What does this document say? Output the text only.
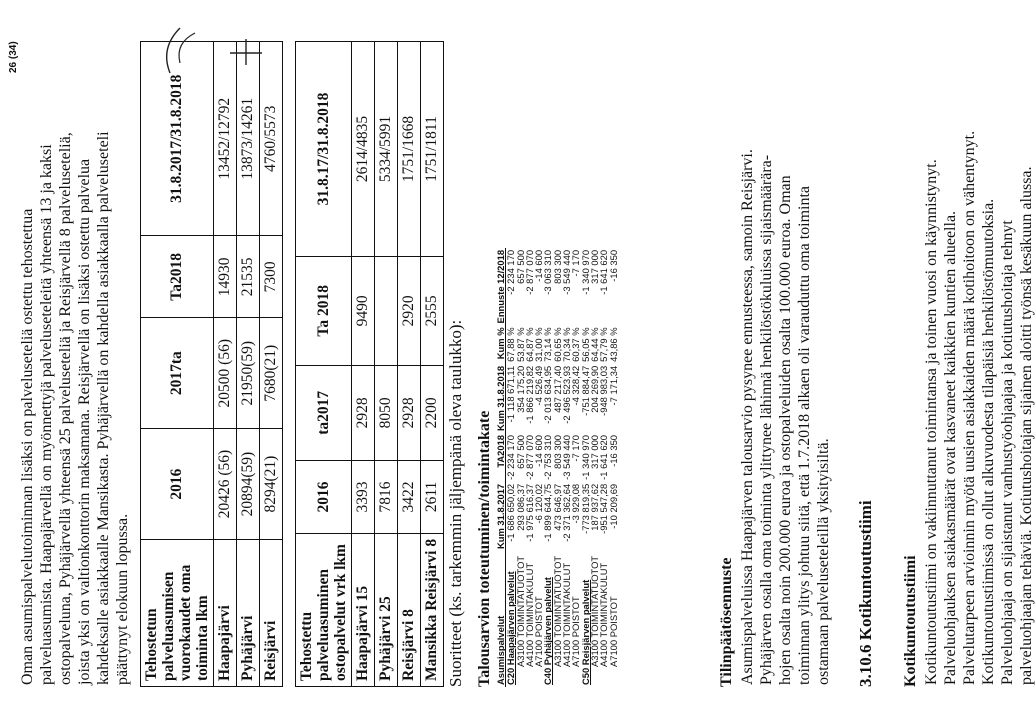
26 (34)

Oman asumispalvelutoiminnan lisäksi on palveluseteliä ostettu tehostettua palveluasumista. Haapajärvellä on myönnettyjä palveluseteleitä yhteensä 13 ja kaksi ostopalveluna, Pyhäjärvellä yhteensä 25 palveluseteliä ja Reisjärvellä 8 palveluseteliä, joista yksi on valtionkonttorin maksamana. Reisjärvellä on lisäksi ostettu palvelua kahdeksalle asiakkaalle Mansikasta. Pyhäjärvellä on kahdella asiakkaalla palveluseteli päättynyt elokuun lopussa. Tehostetun
palveluasumisen
vuorokaudet oma
toiminta lkm	2016	2017ta	Ta2018	31.8.2017/31.8.2018
Haapajärvi	20426 (56)	20500 (56)	14930	13452/12792
Pyhäjärvi	20894(59)	21950(59)	21535	13873/14261
Reisjärvi	8294(21)	7680(21)	7300	4760/5573
Tehostettu
palveluasuminen
ostopalvelut vrk lkm	2016	ta2017	Ta 2018	31.8.17/31.8.2018
Haapajärvi 15	3393	2928	9490	2614/4835
Pyhäjärvi 25	7816	8050		5334/5991
Reisjärvi 8	3422	2928	2920	1751/1668
Mansikka Reisjärvi 8	2611	2200	2555	1751/1811
Suoritteet (ks. tarkemmin jäljempänä oleva taulukko): Talousarvion toteutuminen/toimintakate Asumispalvelut	Kum 31.8.2017	TA2018	Kum 31.8.2018	Kum %	Ennuste 12/2018
C20 Haapajärven palvelut	-1 686 650,02	-2 234 170	-1 118 671,11	67,88 %	-2 234 170
A3100 TOIMINTATUOTOT	293 086,37	657 500	354 175,20	53,87 %	657 500
A4100 TOIMINTAKULUT	-1 975 616,37	-2 877 070	-1 866 219,82	64,87 %	-2 877 070
A7100 POISTOT	-6 120,02	-14 600	-4 526,49	31,00 %	-14 600
C40 Pyhäjärven palvelut	-1 899 644,75	-2 753 310	-2 013 634,95	73,14 %	-3 063 310
A3100 TOIMINTATUOTOT	473 646,97	803 300	487 217,40	60,65 %	803 300
A4100 TOIMINTAKULUT	-2 371 362,64	-3 549 440	-2 496 523,93	70,34 %	-3 549 440
A7100 POISTOT	-3 929,08	-7 170	-4 328,42	60,37 %	-7 170
C50 Reisjärven palvelut	-773 819,35	-1 340 970	-751 884,47	56,05 %	-1 340 970
A3100 TOIMINTATUOTOT	187 937,62	317 000	204 269,90	64,44 %	317 000
A4100 TOIMINTAKULUT	-951 547,28	-1 641 620	-948 983,03	57,79 %	-1 641 620
A7100 POISTOT	-10 209,69	-16 350	-7 171,34	43,86 %	-16 350
Tilinpäätösennuste Asumispalveluissa Haapajärven talousarvio pysynee ennusteessa, samoin Reisjärvi. Pyhäjärven osalla oma toiminta ylittynee lähinnä henkilöstökuluissa sijaismäärära- hojen osalta noin 200.000 euroa ja ostopalveluiden osalta 100.000 euroa. Oman toiminnan ylitys johtuu siitä, että 1.7.2018 alkaen oli varauduttu oma toiminta ostamaan palveluseteleillä yksityisiltä. 3.10.6 Kotikuntoutustiimi Kotikuntoutustiimi Kotikuntoutustiimi on vakiinnuttanut toimintansa ja toinen vuosi on käynnistynyt. Palveluohjauksen asiakasmäärät ovat kasvaneet kaikkien kuntien alueella. Palvelutarpeen arvioinnin myötä uusien asiakkaiden määrä kotihoitoon on vähentynyt. Kotikuntoutustiimissä on ollut alkuvuodesta tilapäisiä henkilöstömuutoksia. Palveluohjaaja on sijaistanut vanhustyöohjaajaa ja kotiutushoitaja tehnyt palveluohjaajan tehäviä. Kotiutushoitajan sijainen aloitti työnsä kesäkuun alussa.
